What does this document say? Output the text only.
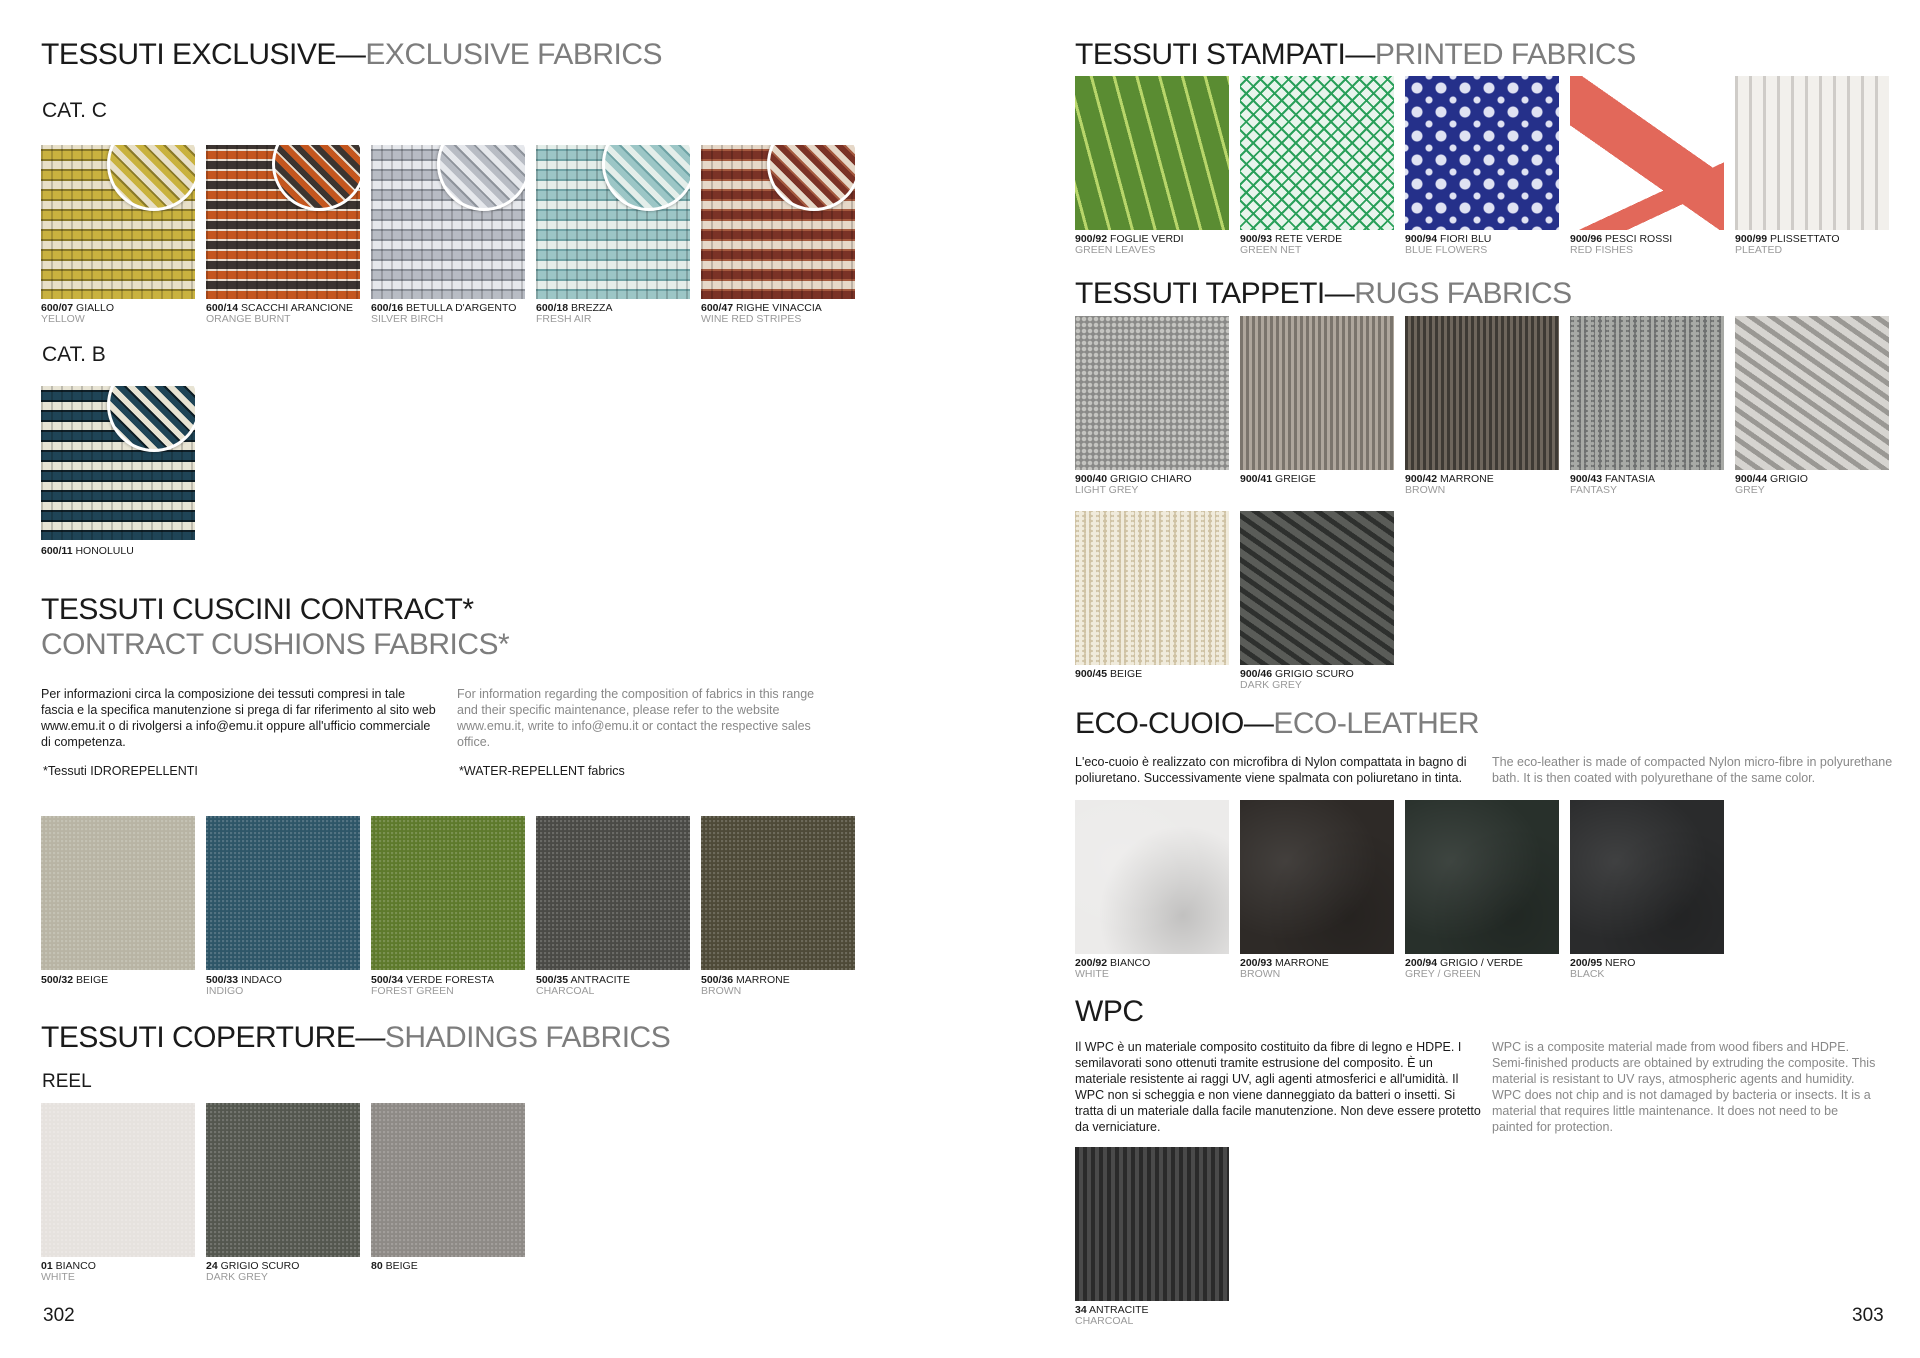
TESSUTI EXCLUSIVE—EXCLUSIVE FABRICS
CAT. C
600/07 GIALLO
YELLOW
600/14 SCACCHI ARANCIONE
ORANGE BURNT
600/16 BETULLA D'ARGENTO
SILVER BIRCH
600/18 BREZZA
FRESH AIR
600/47 RIGHE VINACCIA
WINE RED STRIPES
CAT. B
600/11 HONOLULU
TESSUTI CUSCINI CONTRACT*
CONTRACT CUSHIONS FABRICS*
Per informazioni circa la composizione dei tessuti compresi in tale fascia e la specifica manutenzione si prega di far riferimento al sito web www.emu.it o di rivolgersi a info@emu.it oppure all'ufficio commerciale di competenza.
For information regarding the composition of fabrics in this range and their specific maintenance, please refer to the website www.emu.it, write to info@emu.it or contact the respective sales office.
*Tessuti IDROREPELLENTI	*WATER-REPELLENT fabrics
500/32 BEIGE	500/33 INDACO
INDIGO
500/34 VERDE FORESTA
FOREST GREEN
500/35 ANTRACITE
CHARCOAL
500/36 MARRONE
BROWN
TESSUTI COPERTURE—SHADINGS FABRICS
REEL
01 BIANCO
WHITE
24 GRIGIO SCURO
DARK GREY
80 BEIGE
302
TESSUTI STAMPATI—PRINTED FABRICS
900/92 FOGLIE VERDI
GREEN LEAVES
900/93 RETE VERDE
GREEN NET
900/94 FIORI BLU
BLUE FLOWERS
900/96 PESCI ROSSI
RED FISHES
900/99 PLISSETTATO
PLEATED
TESSUTI TAPPETI—RUGS FABRICS
900/40 GRIGIO CHIARO
LIGHT GREY
900/41 GREIGE	900/42 MARRONE
BROWN
900/43 FANTASIA
FANTASY
900/44 GRIGIO
GREY
900/45 BEIGE	900/46 GRIGIO SCURO
DARK GREY
ECO-CUOIO—ECO-LEATHER
L'eco-cuoio è realizzato con microfibra di Nylon compattata in bagno di poliuretano. Successivamente viene spalmata con poliuretano in tinta.
The eco-leather is made of compacted Nylon micro-fibre in polyurethane bath. It is then coated with polyurethane of the same color.
200/92 BIANCO
WHITE
200/93 MARRONE
BROWN
200/94 GRIGIO / VERDE
GREY / GREEN
200/95 NERO
BLACK
WPC
Il WPC è un materiale composito costituito da fibre di legno e HDPE. I semilavorati sono ottenuti tramite estrusione del composito. È un materiale resistente ai raggi UV, agli agenti atmosferici e all'umidità. Il WPC non si scheggia e non viene danneggiato da batteri o insetti. Si tratta di un materiale dalla facile manutenzione. Non deve essere protetto da verniciature.
WPC is a composite material made from wood fibers and HDPE. Semi-finished products are obtained by extruding the composite. This material is resistant to UV rays, atmospheric agents and humidity. WPC does not chip and is not damaged by bacteria or insects. It is a material that requires little maintenance. It does not need to be painted for protection.
34 ANTRACITE
CHARCOAL	303
